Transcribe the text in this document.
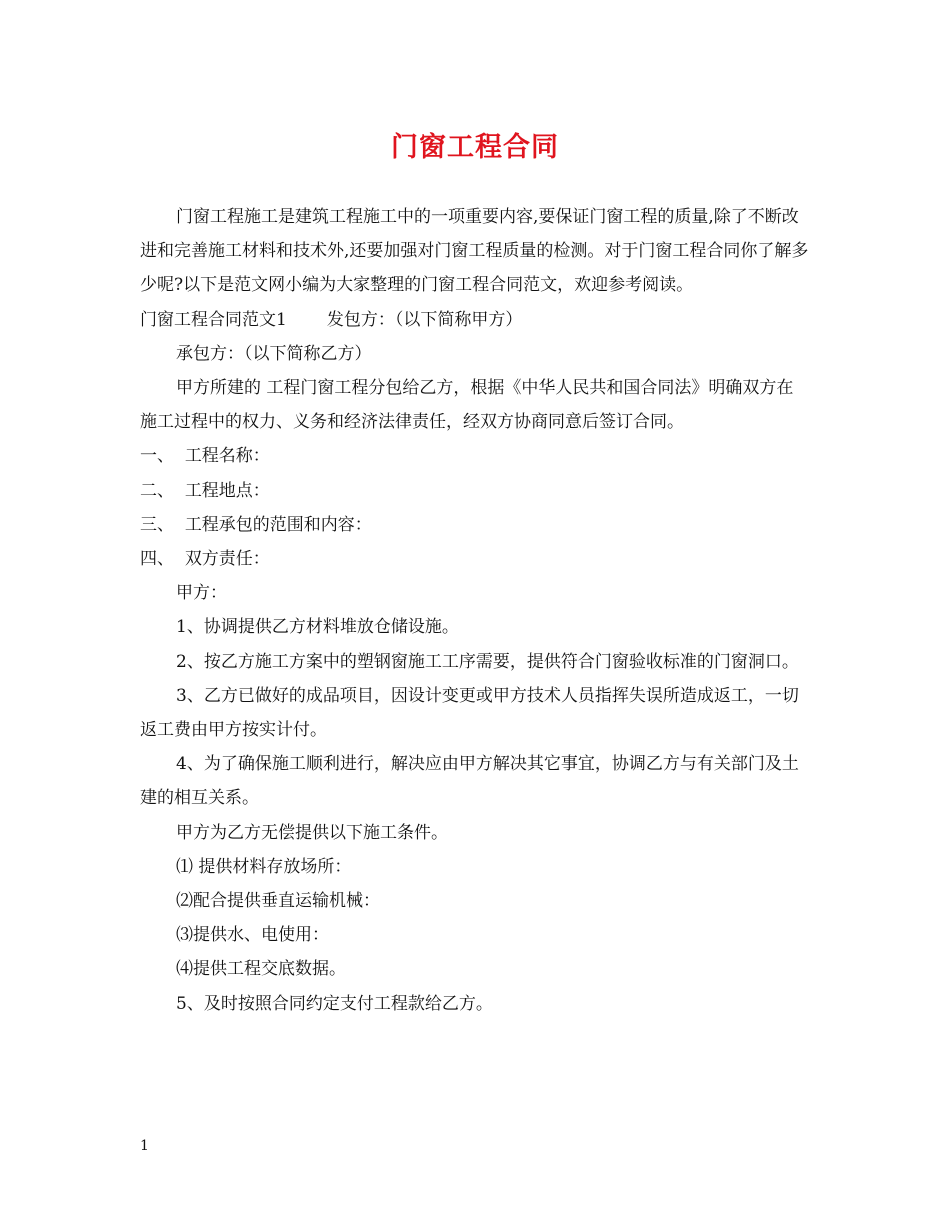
门窗工程合同

门窗工程施工是建筑工程施工中的一项重要内容,要保证门窗工程的质量,除了不断改进和完善施工材料和技术外,还要加强对门窗工程质量的检测。对于门窗工程合同你了解多少呢?以下是范文网小编为大家整理的门窗工程合同范文，欢迎参考阅读。

门窗工程合同范文1 发包方：（以下简称甲方）

承包方：（以下简称乙方）

甲方所建的 工程门窗工程分包给乙方，根据《中华人民共和国合同法》明确双方在施工过程中的权力、义务和经济法律责任，经双方协商同意后签订合同。

一、 工程名称：

二、 工程地点：

三、 工程承包的范围和内容：

四、 双方责任：

甲方：

1、协调提供乙方材料堆放仓储设施。

2、按乙方施工方案中的塑钢窗施工工序需要，提供符合门窗验收标准的门窗洞口。

3、乙方已做好的成品项目，因设计变更或甲方技术人员指挥失误所造成返工，一切返工费由甲方按实计付。

4、为了确保施工顺利进行，解决应由甲方解决其它事宜，协调乙方与有关部门及土建的相互关系。

甲方为乙方无偿提供以下施工条件。

⑴ 提供材料存放场所：

⑵配合提供垂直运输机械：

⑶提供水、电使用：

⑷提供工程交底数据。

5、及时按照合同约定支付工程款给乙方。

1
